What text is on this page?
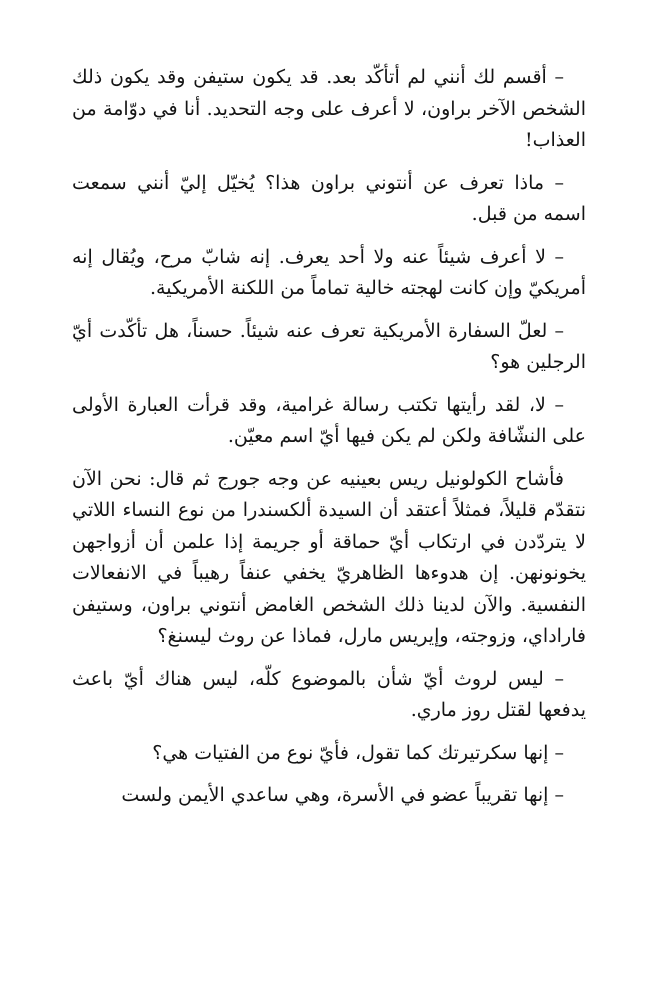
– أقسم لك أنني لم أتأكّد بعد. قد يكون ستيفن وقد يكون ذلك الشخص الآخر براون، لا أعرف على وجه التحديد. أنا في دوّامة من العذاب!

– ماذا تعرف عن أنتوني براون هذا؟ يُخيّل إليّ أنني سمعت اسمه من قبل.

– لا أعرف شيئاً عنه ولا أحد يعرف. إنه شابّ مرح، ويُقال إنه أمريكيّ وإن كانت لهجته خالية تماماً من اللكنة الأمريكية.

– لعلّ السفارة الأمريكية تعرف عنه شيئاً. حسناً، هل تأكّدت أيّ الرجلين هو؟

– لا، لقد رأيتها تكتب رسالة غرامية، وقد قرأت العبارة الأولى على النشّافة ولكن لم يكن فيها أيّ اسم معيّن.

فأشاح الكولونيل ريس بعينيه عن وجه جورج ثم قال: نحن الآن نتقدّم قليلاً، فمثلاً أعتقد أن السيدة ألكسندرا من نوع النساء اللاتي لا يتردّدن في ارتكاب أيّ حماقة أو جريمة إذا علمن أن أزواجهن يخونونهن. إن هدوءها الظاهريّ يخفي عنفاً رهيباً في الانفعالات النفسية. والآن لدينا ذلك الشخص الغامض أنتوني براون، وستيفن فاراداي، وزوجته، وإيريس مارل، فماذا عن روث ليسنغ؟

– ليس لروث أيّ شأن بالموضوع كلّه، ليس هناك أيّ باعث يدفعها لقتل روز ماري.

– إنها سكرتيرتك كما تقول، فأيّ نوع من الفتيات هي؟

– إنها تقريباً عضو في الأسرة، وهي ساعدي الأيمن ولست
